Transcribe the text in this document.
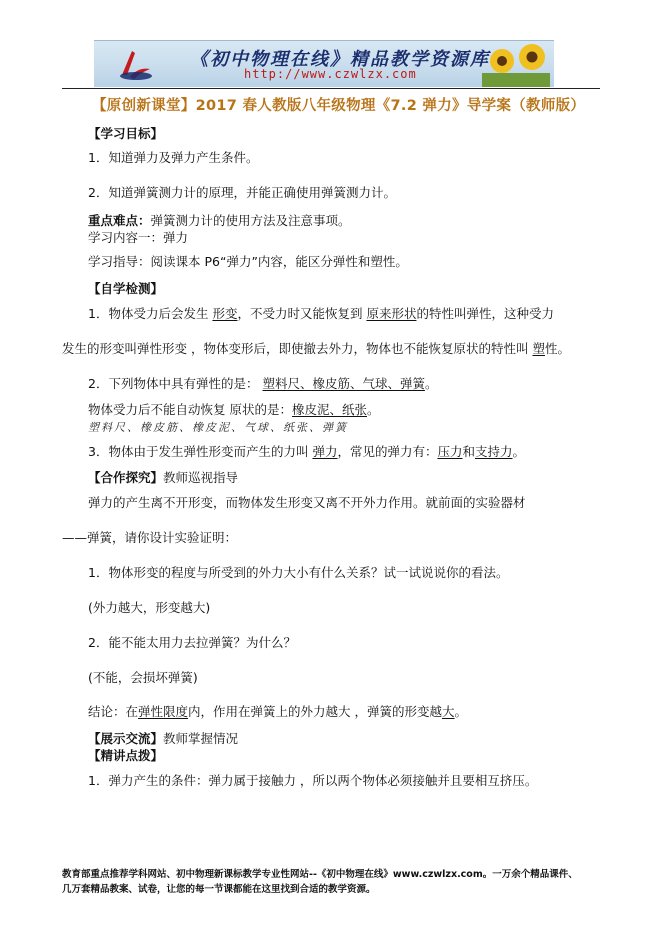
《初中物理在线》精品教学资源库
http://www.czwlzx.com
【原创新课堂】2017 春人教版八年级物理《7.2 弹力》导学案（教师版）
【学习目标】
1．知道弹力及弹力产生条件。
2．知道弹簧测力计的原理，并能正确使用弹簧测力计。
重点难点：弹簧测力计的使用方法及注意事项。
学习内容一：弹力
学习指导：阅读课本 P6“弹力”内容，能区分弹性和塑性。
【自学检测】
1．物体受力后会发生 形变，不受力时又能恢复到 原来形状的特性叫弹性，这种受力
发生的形变叫弹性形变 ，物体变形后，即使撤去外力，物体也不能恢复原状的特性叫 塑性。
2．下列物体中具有弹性的是： 塑料尺、橡皮筋、气球、弹簧。
物体受力后不能自动恢复 原状的是：橡皮泥、纸张。
塑料尺、橡皮筋、橡皮泥、气球、纸张、弹簧
3．物体由于发生弹性形变而产生的力叫 弹力，常见的弹力有：压力和支持力。
【合作探究】教师巡视指导
弹力的产生离不开形变，而物体发生形变又离不开外力作用。就前面的实验器材
——弹簧，请你设计实验证明：
1．物体形变的程度与所受到的外力大小有什么关系？试一试说说你的看法。
(外力越大，形变越大)
2．能不能太用力去拉弹簧？为什么？
(不能，会损坏弹簧)
结论：在弹性限度内，作用在弹簧上的外力越大 ，弹簧的形变越大。
【展示交流】教师掌握情况
【精讲点拨】
1．弹力产生的条件：弹力属于接触力 ，所以两个物体必须接触并且要相互挤压。
教育部重点推荐学科网站、初中物理新课标教学专业性网站--《初中物理在线》www.czwlzx.com。一万余个精品课件、
几万套精品教案、试卷，让您的每一节课都能在这里找到合适的教学资源。
